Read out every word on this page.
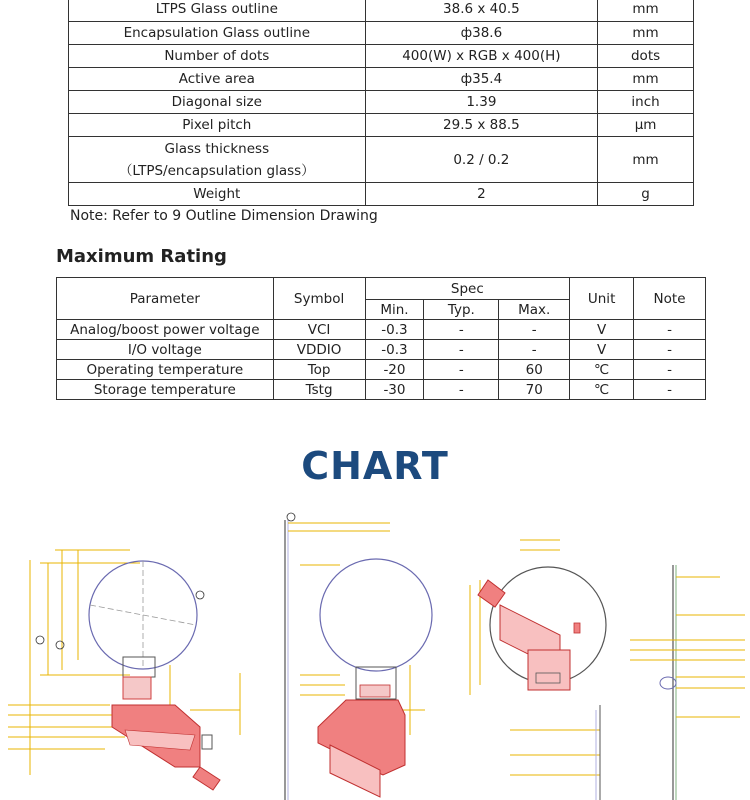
LTPS Glass outline	38.6 x 40.5	mm
Encapsulation Glass outline	ф38.6	mm
Number of dots	400(W) x RGB x 400(H)	dots
Active area	ф35.4	mm
Diagonal size	1.39	inch
Pixel pitch	29.5 x 88.5	μm

Glass thickness
（LTPS/encapsulation glass）	0.2 / 0.2	mm
Weight	2	g
Note: Refer to 9 Outline Dimension Drawing
Maximum Rating
Parameter	Symbol	Spec			Unit	Note
		Min.	Typ.	Max.		
Analog/boost power voltage	VCI	-0.3	-	-	V	-
I/O voltage	VDDIO	-0.3	-	-	V	-
Operating temperature	Top	-20	-	60	℃	-
Storage temperature	Tstg	-30	-	70	℃	-
CHART
